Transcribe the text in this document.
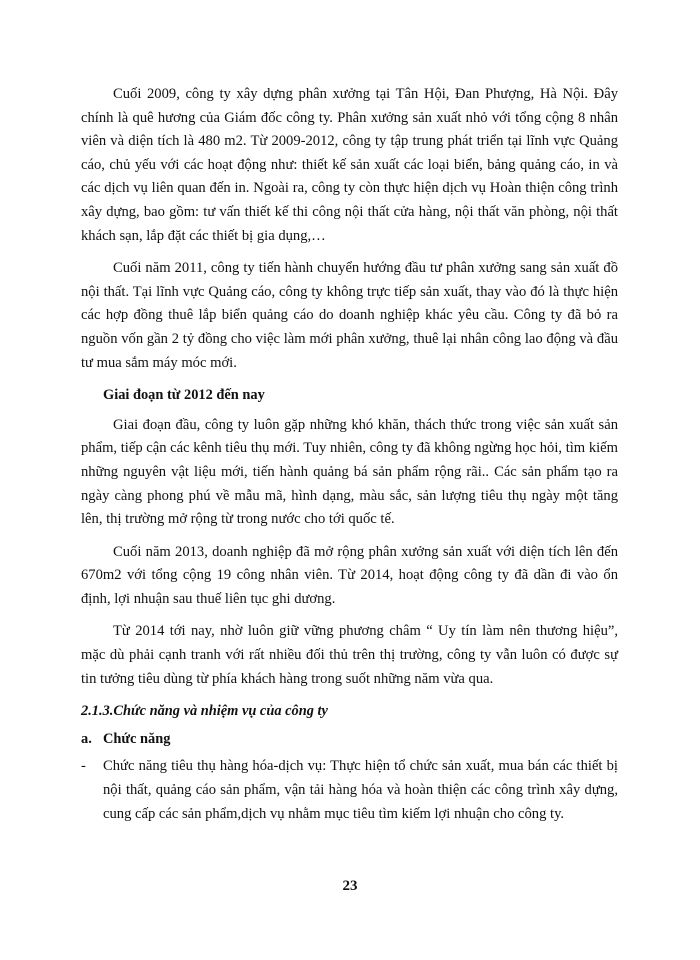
Cuối 2009, công ty xây dựng phân xưởng tại Tân Hội, Đan Phượng, Hà Nội. Đây chính là quê hương của Giám đốc công ty. Phân xưởng sản xuất nhỏ với tổng cộng 8 nhân viên và diện tích là 480 m2. Từ 2009-2012, công ty tập trung phát triển tại lĩnh vực Quảng cáo, chủ yếu với các hoạt động như: thiết kế sản xuất các loại biển, bảng quảng cáo, in và các dịch vụ liên quan đến in. Ngoài ra, công ty còn thực hiện dịch vụ Hoàn thiện công trình xây dựng, bao gồm: tư vấn thiết kế thi công nội thất cửa hàng, nội thất văn phòng, nội thất khách sạn, lắp đặt các thiết bị gia dụng,…

Cuối năm 2011, công ty tiến hành chuyển hướng đầu tư phân xưởng sang sản xuất đồ nội thất. Tại lĩnh vực Quảng cáo, công ty không trực tiếp sản xuất, thay vào đó là thực hiện các hợp đồng thuê lắp biển quảng cáo do doanh nghiệp khác yêu cầu. Công ty đã bỏ ra nguồn vốn gần 2 tỷ đồng cho việc làm mới phân xưởng, thuê lại nhân công lao động và đầu tư mua sắm máy móc mới.

Giai đoạn từ 2012 đến nay

Giai đoạn đầu, công ty luôn gặp những khó khăn, thách thức trong việc sản xuất sản phẩm, tiếp cận các kênh tiêu thụ mới. Tuy nhiên, công ty đã không ngừng học hỏi, tìm kiếm những nguyên vật liệu mới, tiến hành quảng bá sản phẩm rộng rãi.. Các sản phẩm tạo ra ngày càng phong phú về mẫu mã, hình dạng, màu sắc, sản lượng tiêu thụ ngày một tăng lên, thị trường mở rộng từ trong nước cho tới quốc tế.

Cuối năm 2013, doanh nghiệp đã mở rộng phân xưởng sản xuất với diện tích lên đến 670m2 với tổng cộng 19 công nhân viên. Từ 2014, hoạt động công ty đã dần đi vào ổn định, lợi nhuận sau thuế liên tục ghi dương.

Từ 2014 tới nay, nhờ luôn giữ vững phương châm “ Uy tín làm nên thương hiệu”, mặc dù phải cạnh tranh với rất nhiều đối thủ trên thị trường, công ty vẫn luôn có được sự tin tưởng tiêu dùng từ phía khách hàng trong suốt những năm vừa qua.

2.1.3.Chức năng và nhiệm vụ của công ty
a. Chức năng
-	Chức năng tiêu thụ hàng hóa-dịch vụ: Thực hiện tổ chức sản xuất, mua bán các thiết bị nội thất, quảng cáo sản phẩm, vận tải hàng hóa và hoàn thiện các công trình xây dựng, cung cấp các sản phẩm,dịch vụ nhằm mục tiêu tìm kiếm lợi nhuận cho công ty.
23
